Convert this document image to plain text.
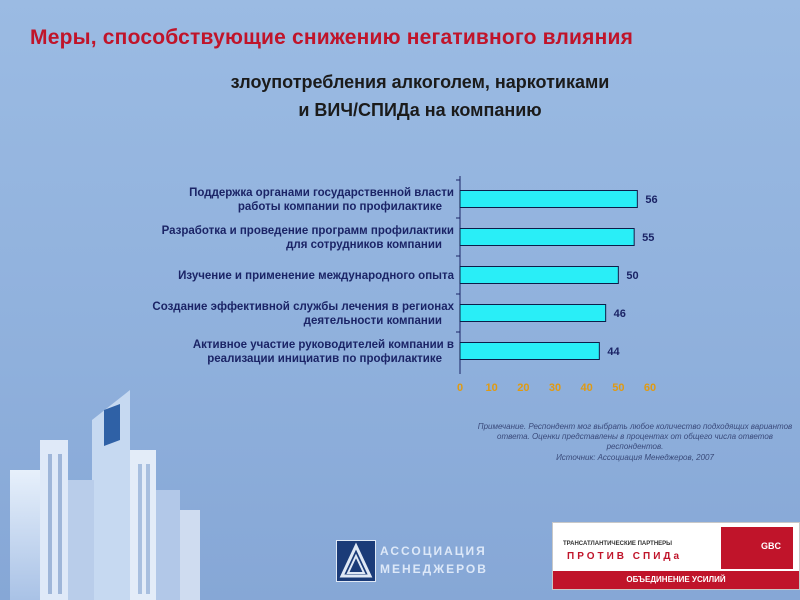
Меры, способствующие снижению негативного влияния
злоупотребления алкоголем, наркотиками
и ВИЧ/СПИДа на компанию
56
Поддержка органами государственной власти
работы компании по профилактике
55
Разработка и проведение программ профилактики
для сотрудников компании
50
Изучение и применение международного опыта
46
Создание эффективной службы лечения в регионах
деятельности компании
44
Активное участие руководителей компании в
реализации инициатив по профилактике
0 10 20 30 40 50 60
Примечание. Респондент мог выбрать любое количество подходящих вариантов ответа. Оценки представлены в процентах от общего числа ответов респондентов.
Источник: Ассоциация Менеджеров, 2007
АССОЦИАЦИЯ
МЕНЕДЖЕРОВ
ТРАНСАТЛАНТИЧЕСКИЕ ПАРТНЕРЫ
ПРОТИВ СПИДа
GBC
ОБЪЕДИНЕНИЕ УСИЛИЙ
